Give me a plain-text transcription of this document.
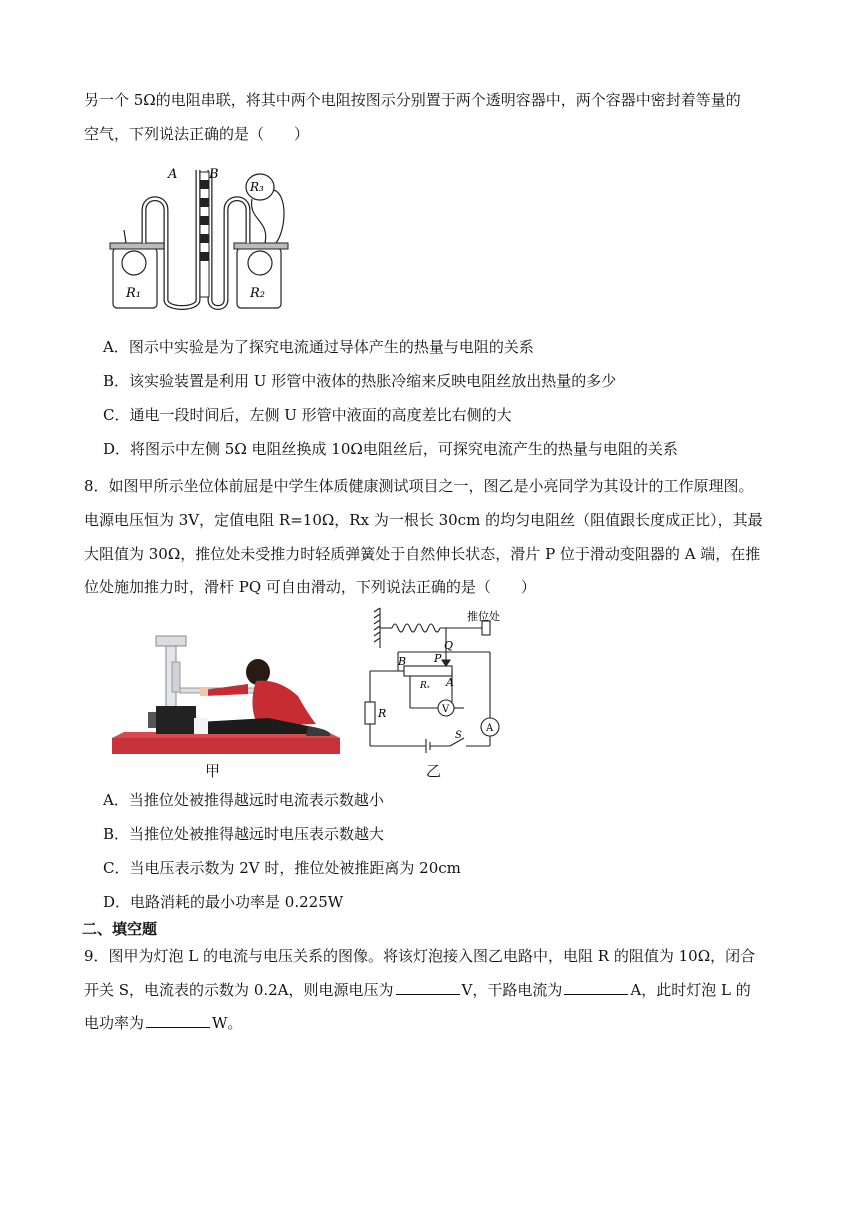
另一个 5Ω的电阻串联，将其中两个电阻按图示分别置于两个透明容器中，两个容器中密封着等量的
空气，下列说法正确的是（　　）
R₁	R₂
R₃
A B
A．图示中实验是为了探究电流通过导体产生的热量与电阻的关系
B．该实验装置是利用 U 形管中液体的热胀冷缩来反映电阻丝放出热量的多少
C．通电一段时间后，左侧 U 形管中液面的高度差比右侧的大
D．将图示中左侧 5Ω 电阻丝换成 10Ω电阻丝后，可探究电流产生的热量与电阻的关系
8．如图甲所示坐位体前屈是中学生体质健康测试项目之一，图乙是小亮同学为其设计的工作原理图。
电源电压恒为 3V，定值电阻 R=10Ω，Rx 为一根长 30cm 的均匀电阻丝（阻值跟长度成正比），其最
大阻值为 30Ω，推位处未受推力时轻质弹簧处于自然伸长状态，滑片 P 位于滑动变阻器的 A 端，在推
位处施加推力时，滑杆 PQ 可自由滑动，下列说法正确的是（　　）
甲
推位处
Q
P
B
A
Rₓ
R	V
A
S
乙
A．当推位处被推得越远时电流表示数越小
B．当推位处被推得越远时电压表示数越大
C．当电压表示数为 2V 时，推位处被推距离为 20cm
D．电路消耗的最小功率是 0.225W
二、填空题
9．图甲为灯泡 L 的电流与电压关系的图像。将该灯泡接入图乙电路中，电阻 R 的阻值为 10Ω，闭合
开关 S，电流表的示数为 0.2A，则电源电压为	V，干路电流为	A，此时灯泡 L 的
电功率为	W。
